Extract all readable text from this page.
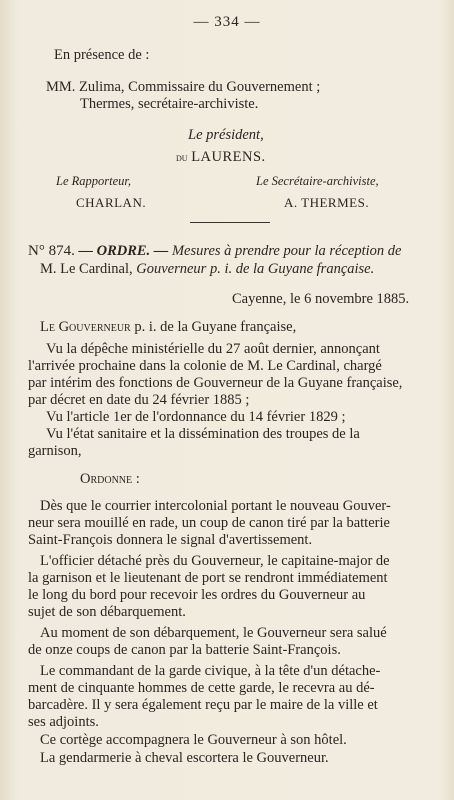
— 334 —
En présence de :
MM. Zulima, Commissaire du Gouvernement ;
Thermes, secrétaire-archiviste.
Le président,
du LAURENS.
Le Rapporteur,	Le Secrétaire-archiviste,
CHARLAN.	A. THERMES.
N° 874. — ORDRE. — Mesures à prendre pour la réception de
M. Le Cardinal, Gouverneur p. i. de la Guyane française.
Cayenne, le 6 novembre 1885.
Le Gouverneur p. i. de la Guyane française,
Vu la dépêche ministérielle du 27 août dernier, annonçant
l'arrivée prochaine dans la colonie de M. Le Cardinal, chargé
par intérim des fonctions de Gouverneur de la Guyane française,
par décret en date du 24 février 1885 ;
Vu l'article 1er de l'ordonnance du 14 février 1829 ;
Vu l'état sanitaire et la dissémination des troupes de la
garnison,
Ordonne :
Dès que le courrier intercolonial portant le nouveau Gouver-
neur sera mouillé en rade, un coup de canon tiré par la batterie
Saint-François donnera le signal d'avertissement.
L'officier détaché près du Gouverneur, le capitaine-major de
la garnison et le lieutenant de port se rendront immédiatement
le long du bord pour recevoir les ordres du Gouverneur au
sujet de son débarquement.
Au moment de son débarquement, le Gouverneur sera salué
de onze coups de canon par la batterie Saint-François.
Le commandant de la garde civique, à la tête d'un détache-
ment de cinquante hommes de cette garde, le recevra au dé-
barcadère. Il y sera également reçu par le maire de la ville et
ses adjoints.
Ce cortège accompagnera le Gouverneur à son hôtel.
La gendarmerie à cheval escortera le Gouverneur.
